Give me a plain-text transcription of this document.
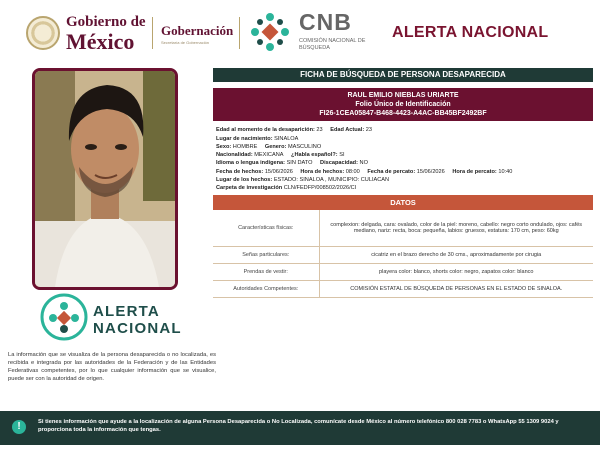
Gobierno de
México	Gobernación
Secretaría de Gobernación
CNB
COMISIÓN NACIONAL DE BÚSQUEDA
ALERTA NACIONAL
ALERTA
NACIONAL
La información que se visualiza de la persona desaparecida o no localizada, es recibida e integrada por las autoridades de la Federación y de las Entidades Federativas competentes, por lo que cualquier información que se visualice, puede ser con la autoridad de origen.
FICHA DE BÚSQUEDA DE PERSONA DESAPARECIDA
RAUL EMILIO NIEBLAS URIARTE
Folio Único de Identificación
FI26-1CEA05847-B468-4423-A4AC-BB45BF2492BF
Edad al momento de la desaparición: 23 Edad Actual: 23
Lugar de nacimiento: SINALOA
Sexo: HOMBRE Genero: MASCULINO
Nacionalidad: MEXICANA ¿Habla español?: SI
Idioma o lengua indígena: SIN DATO Discapacidad: NO
Fecha de hechos: 15/06/2026 Hora de hechos: 08:00 Fecha de percato: 15/06/2026 Hora de percato: 10:40
Lugar de los hechos: ESTADO: SINALOA , MUNICIPIO: CULIACAN
Carpeta de investigación CLN/FEDFP/008502/2026/CI
DATOS
Características físicas:	complexion: delgada, cara: ovalado, color de la piel: moreno, cabello: negro corto ondulado, ojos: cafés mediano, nariz: recta, boca: pequeña, labios: gruesos, estatura: 170 cm, peso: 60kg
Señas particulares:	cicatriz en el brazo derecho de 30 cms., aproximadamente por cirugia
Prendas de vestir:	playera color: blanco, shorts color: negro, zapatos color: blanco
Autoridades Competentes:	COMISIÓN ESTATAL DE BÚSQUEDA DE PERSONAS EN EL ESTADO DE SINALOA.
!	Si tienes información que ayude a la localización de alguna Persona Desaparecida o No Localizada, comunícate desde México al número telefónico 800 028 7783 o WhatsApp 55 1309 9024 y proporciona toda la información que tengas.
